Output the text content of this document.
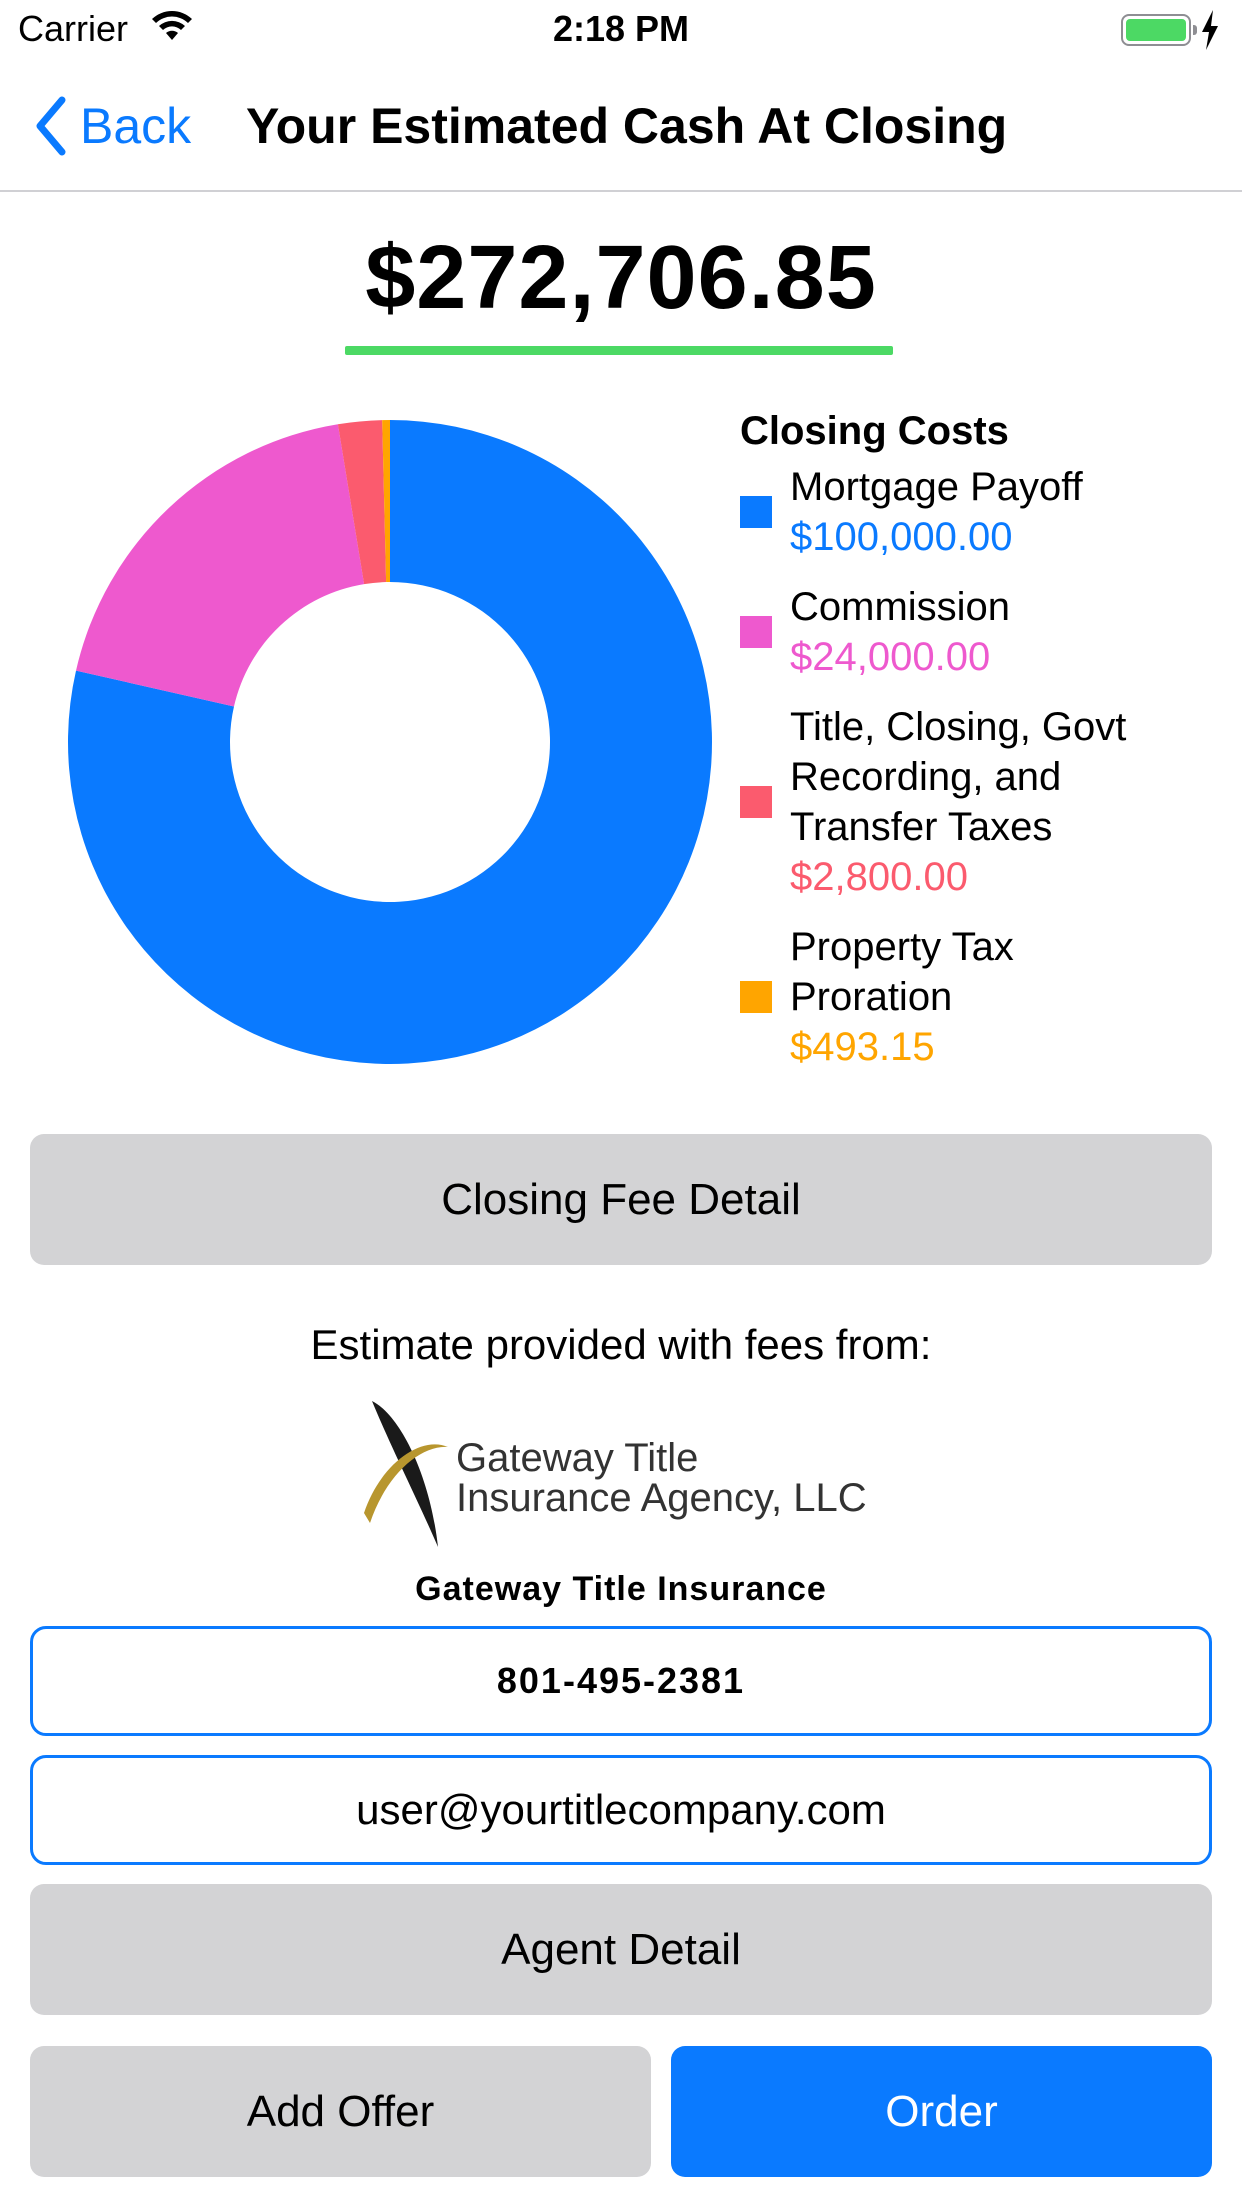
Carrier	2:18 PM
Back Your Estimated Cash At Closing
$272,706.85
Closing Costs
Mortgage Payoff
$100,000.00
Commission
$24,000.00
Title, Closing, Govt Recording, and Transfer Taxes
$2,800.00
Property Tax Proration
$493.15
Closing Fee Detail
Estimate provided with fees from:
Gateway Title
Insurance Agency, LLC
Gateway Title Insurance
801-495-2381
user@yourtitlecompany.com
Agent Detail
Add Offer	Order
